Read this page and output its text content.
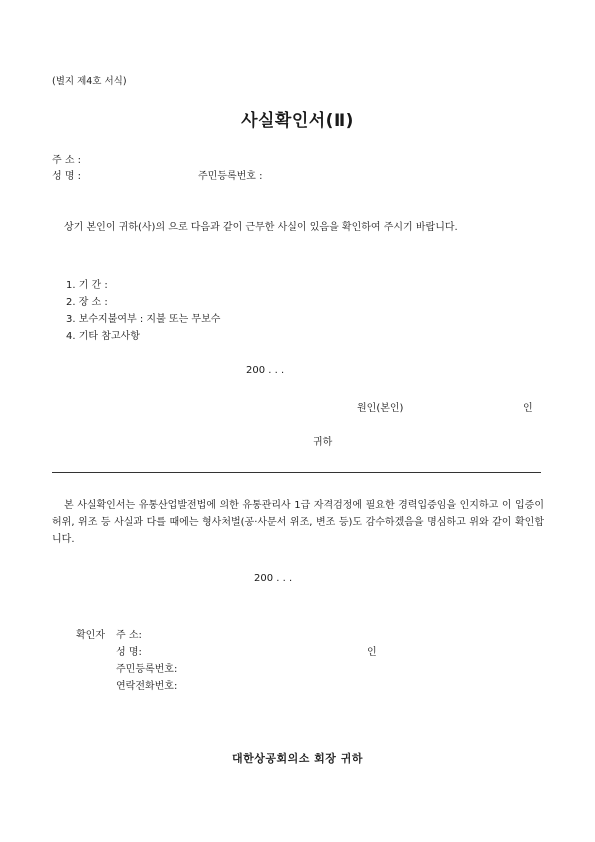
(별지 제4호 서식)
사실확인서(Ⅱ)
주 소 :
성 명 :	주민등록번호 :
상기 본인이 귀하(사)의 으로 다음과 같이 근무한 사실이 있음을 확인하여 주시기 바랍니다.
1. 기 간 :
2. 장 소 :
3. 보수지불여부 : 지불 또는 무보수
4. 기타 참고사항
200 . . .
원인(본인)	인
귀하
본 사실확인서는 유통산업발전법에 의한 유통관리사 1급 자격검정에 필요한 경력입증임을 인지하고 이 입증이 허위, 위조 등 사실과 다를 때에는 형사처벌(공·사문서 위조, 변조 등)도 감수하겠음을 명심하고 위와 같이 확인합니다.
200 . . .
확인자 주 소:
성 명:	인
주민등록번호:
연락전화번호:
대한상공회의소 회장 귀하
